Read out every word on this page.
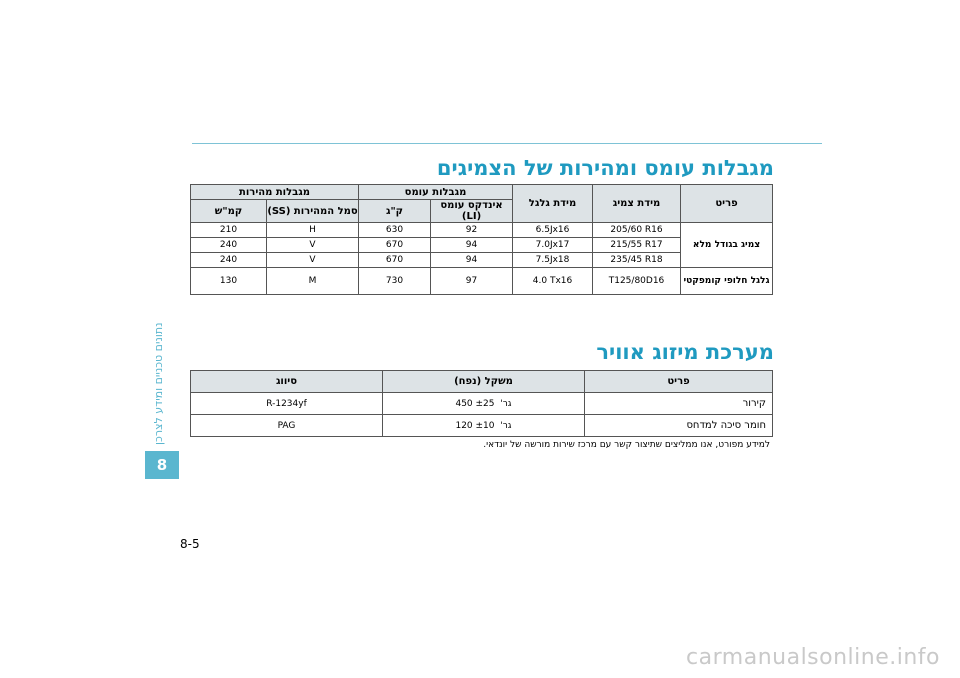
נתונים טכניים ומידע לצרכן
8
8-5
מגבלות עומס ומהירות של הצמיגים
פריט	מידת צמיג	מידת גלגל	מגבלות עומס		מגבלות מהירות	
			אינדקס עומס (LI)	ק"ג	סמל המהירות (SS)	קמ"ש
צמיג בגודל מלא	205/60 R16	6.5Jx16	92	630	H	210
	215/55 R17	7.0Jx17	94	670	V	240
	235/45 R18	7.5Jx18	94	670	V	240
גלגל חלופי קומפקטי	T125/80D16	4.0 Tx16	97	730	M	130
מערכת מיזוג אוויר
פריט	משקל (נפח)	סיווג
קירור	גר'  450 ±25	R-1234yf
חומר סיכה למדחס	גר'  120 ±10	PAG
למידע מפורט, אנו ממליצים שתיצור קשר עם מרכז שירות מורשה של יונדאי.
carmanualsonline.info
